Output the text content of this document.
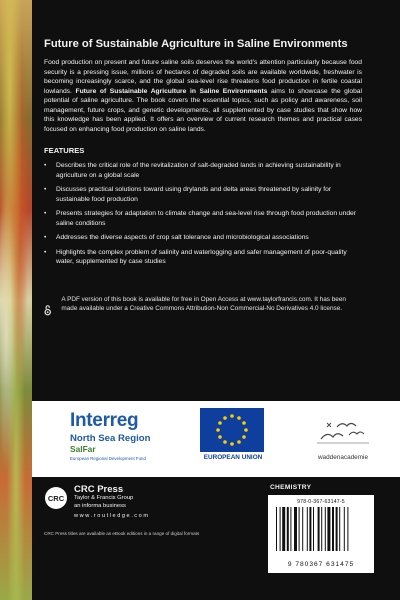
Future of Sustainable Agriculture in Saline Environments

Food production on present and future saline soils deserves the world’s attention particularly because food security is a pressing issue, millions of hectares of degraded soils are available worldwide, freshwater is becoming increasingly scarce, and the global sea-level rise threatens food production in fertile coastal lowlands. Future of Sustainable Agriculture in Saline Environments aims to showcase the global potential of saline agriculture. The book covers the essential topics, such as policy and awareness, soil management, future crops, and genetic developments, all supplemented by case studies that show how this knowledge has been applied. It offers an overview of current research themes and practical cases focused on enhancing food production on saline lands.

FEATURES
• Describes the critical role of the revitalization of salt-degraded lands in achieving sustainability in agriculture on a global scale
• Discusses practical solutions toward using drylands and delta areas threatened by salinity for sustainable food production
• Presents strategies for adaptation to climate change and sea-level rise through food production under saline conditions
• Addresses the diverse aspects of crop salt tolerance and microbiological associations
• Highlights the complex problem of salinity and waterlogging and safer management of poor-quality water, supplemented by case studies
A PDF version of this book is available for free in Open Access at www.taylorfrancis.com. It has been made available under a Creative Commons Attribution-Non Commercial-No Derivatives 4.0 license.
Interreg
North Sea Region
SalFar
European Regional Development Fund	EUROPEAN UNION	waddenacademie
CRC
CRC Press
Taylor & Francis Group
an informa business
w w w . r o u t l e d g e . c o m
CRC Press titles are available as eBook editions in a range of digital formats
CHEMISTRY
978-0-367-63147-5
9 780367 631475
